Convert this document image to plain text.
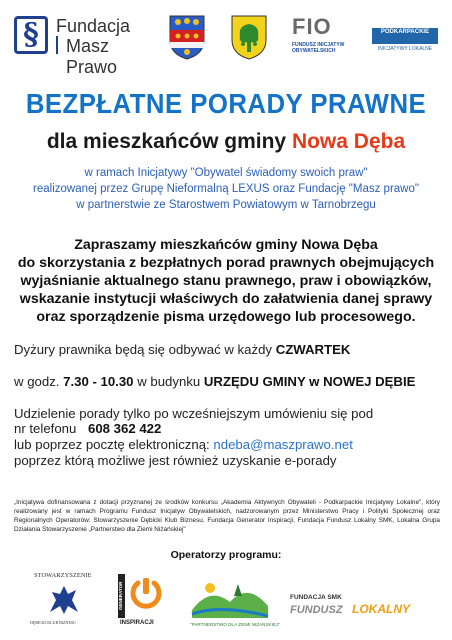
§ Fundacja
Masz Prawo
FIO
FUNDUSZ INICJATYW OBYWATELSKICH
PODKARPACKIE
INICJATYWY LOKALNE
BEZPŁATNE PORADY PRAWNE
dla mieszkańców gminy Nowa Dęba
w ramach Inicjatywy "Obywatel świadomy swoich praw"
realizowanej przez Grupę Nieformalną LEXUS oraz Fundację "Masz prawo"
w partnerstwie ze Starostwem Powiatowym w Tarnobrzegu
Zapraszamy mieszkańców gminy Nowa Dęba
do skorzystania z bezpłatnych porad prawnych obejmujących
wyjaśnianie aktualnego stanu prawnego, praw i obowiązków,
wskazanie instytucji właściwych do załatwienia danej sprawy
oraz sporządzenie pisma urzędowego lub procesowego.
Dyżury prawnika będą się odbywać w każdy CZWARTEK
w godz. 7.30 - 10.30 w budynku URZĘDU GMINY w NOWEJ DĘBIE
Udzielenie porady tylko po wcześniejszym umówieniu się pod
nr telefonu 608 362 422
lub poprzez pocztę elektroniczną: ndeba@maszprawo.net
poprzez którą możliwe jest również uzyskanie e-porady
„Inicjatywa dofinansowana z dotacji przyznanej ze środków konkursu „Akademia Aktywnych Obywateli - Podkarpackie Inicjatywy Lokalne", który realizowany jest w ramach Programu Fundusz Inicjatyw Obywatelskich, nadzorowanym przez Ministerstwo Pracy i Polityki Społecznej oraz Regionalnych Operatorów: Stowarzyszenie Dębicki Klub Biznesu, Fundacja Generator Inspiracji, Fundacja Fundusz Lokalny SMK, Lokalna Grupa Działania Stowarzyszenie „Partnerstwo dla Ziemi Niżańskiej"
Operatorzy programu:
STOWARZYSZENIE
DĘBICKI KLUB BIZNESU
GENERATOR
INSPIRACJI	"PARTNERSTWO DLA ZIEMI NIŻAŃSKIEJ"
FUNDACJA SMK
FUNDUSZ LOKALNY
